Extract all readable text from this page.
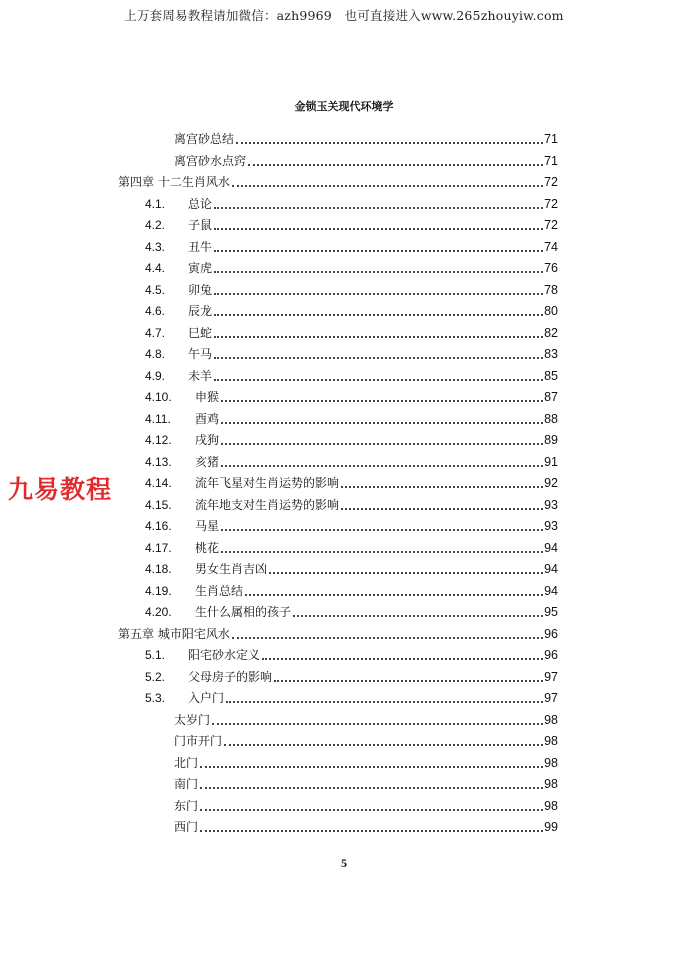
上万套周易教程请加微信：azh9969　也可直接进入www.265zhouyiw.com
金锁玉关现代环境学
离宫砂总结	71
离宫砂水点窍	71
第四章 十二生肖风水	72
4.1.	总论	72
4.2.	子鼠	72
4.3.	丑牛	74
4.4.	寅虎	76
4.5.	卯兔	78
4.6.	辰龙	80
4.7.	巳蛇	82
4.8.	午马	83
4.9.	未羊	85
4.10.	申猴	87
4.11.	酉鸡	88
4.12.	戌狗	89
4.13.	亥猪	91
4.14.	流年飞星对生肖运势的影响	92
4.15.	流年地支对生肖运势的影响	93
4.16.	马星	93
4.17.	桃花	94
4.18.	男女生肖吉凶	94
4.19.	生肖总结	94
4.20.	生什么属相的孩子	95
第五章 城市阳宅风水	96
5.1.	阳宅砂水定义	96
5.2.	父母房子的影响	97
5.3.	入户门	97
太岁门	98
门市开门	98
北门	98
南门	98
东门	98
西门	99
九易教程
5
